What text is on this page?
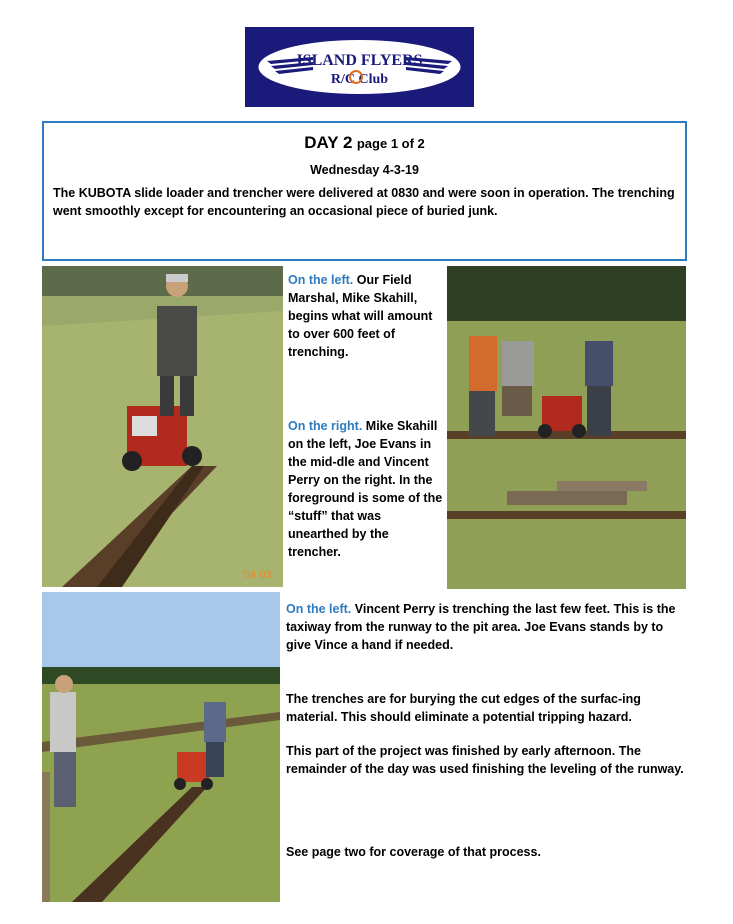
ISLAND FLYERS
R/C Club
DAY 2 page 1 of 2
Wednesday 4-3-19
The KUBOTA slide loader and trencher were delivered at 0830 and were soon in operation. The trenching went smoothly except for encountering an occasional piece of buried junk.
'04 03
On the left. Our Field Marshal, Mike Skahill, begins what will amount to over 600 feet of trenching.
On the right. Mike Skahill on the left, Joe Evans in the mid-dle and Vincent Perry on the right. In the foreground is some of the “stuff” that was unearthed by the trencher.
On the left. Vincent Perry is trenching the last few feet. This is the taxiway from the runway to the pit area. Joe Evans stands by to give Vince a hand if needed.
The trenches are for burying the cut edges of the surfac-ing material. This should eliminate a potential tripping hazard.
This part of the project was finished by early afternoon. The remainder of the day was used finishing the leveling of the runway.
See page two for coverage of that process.
